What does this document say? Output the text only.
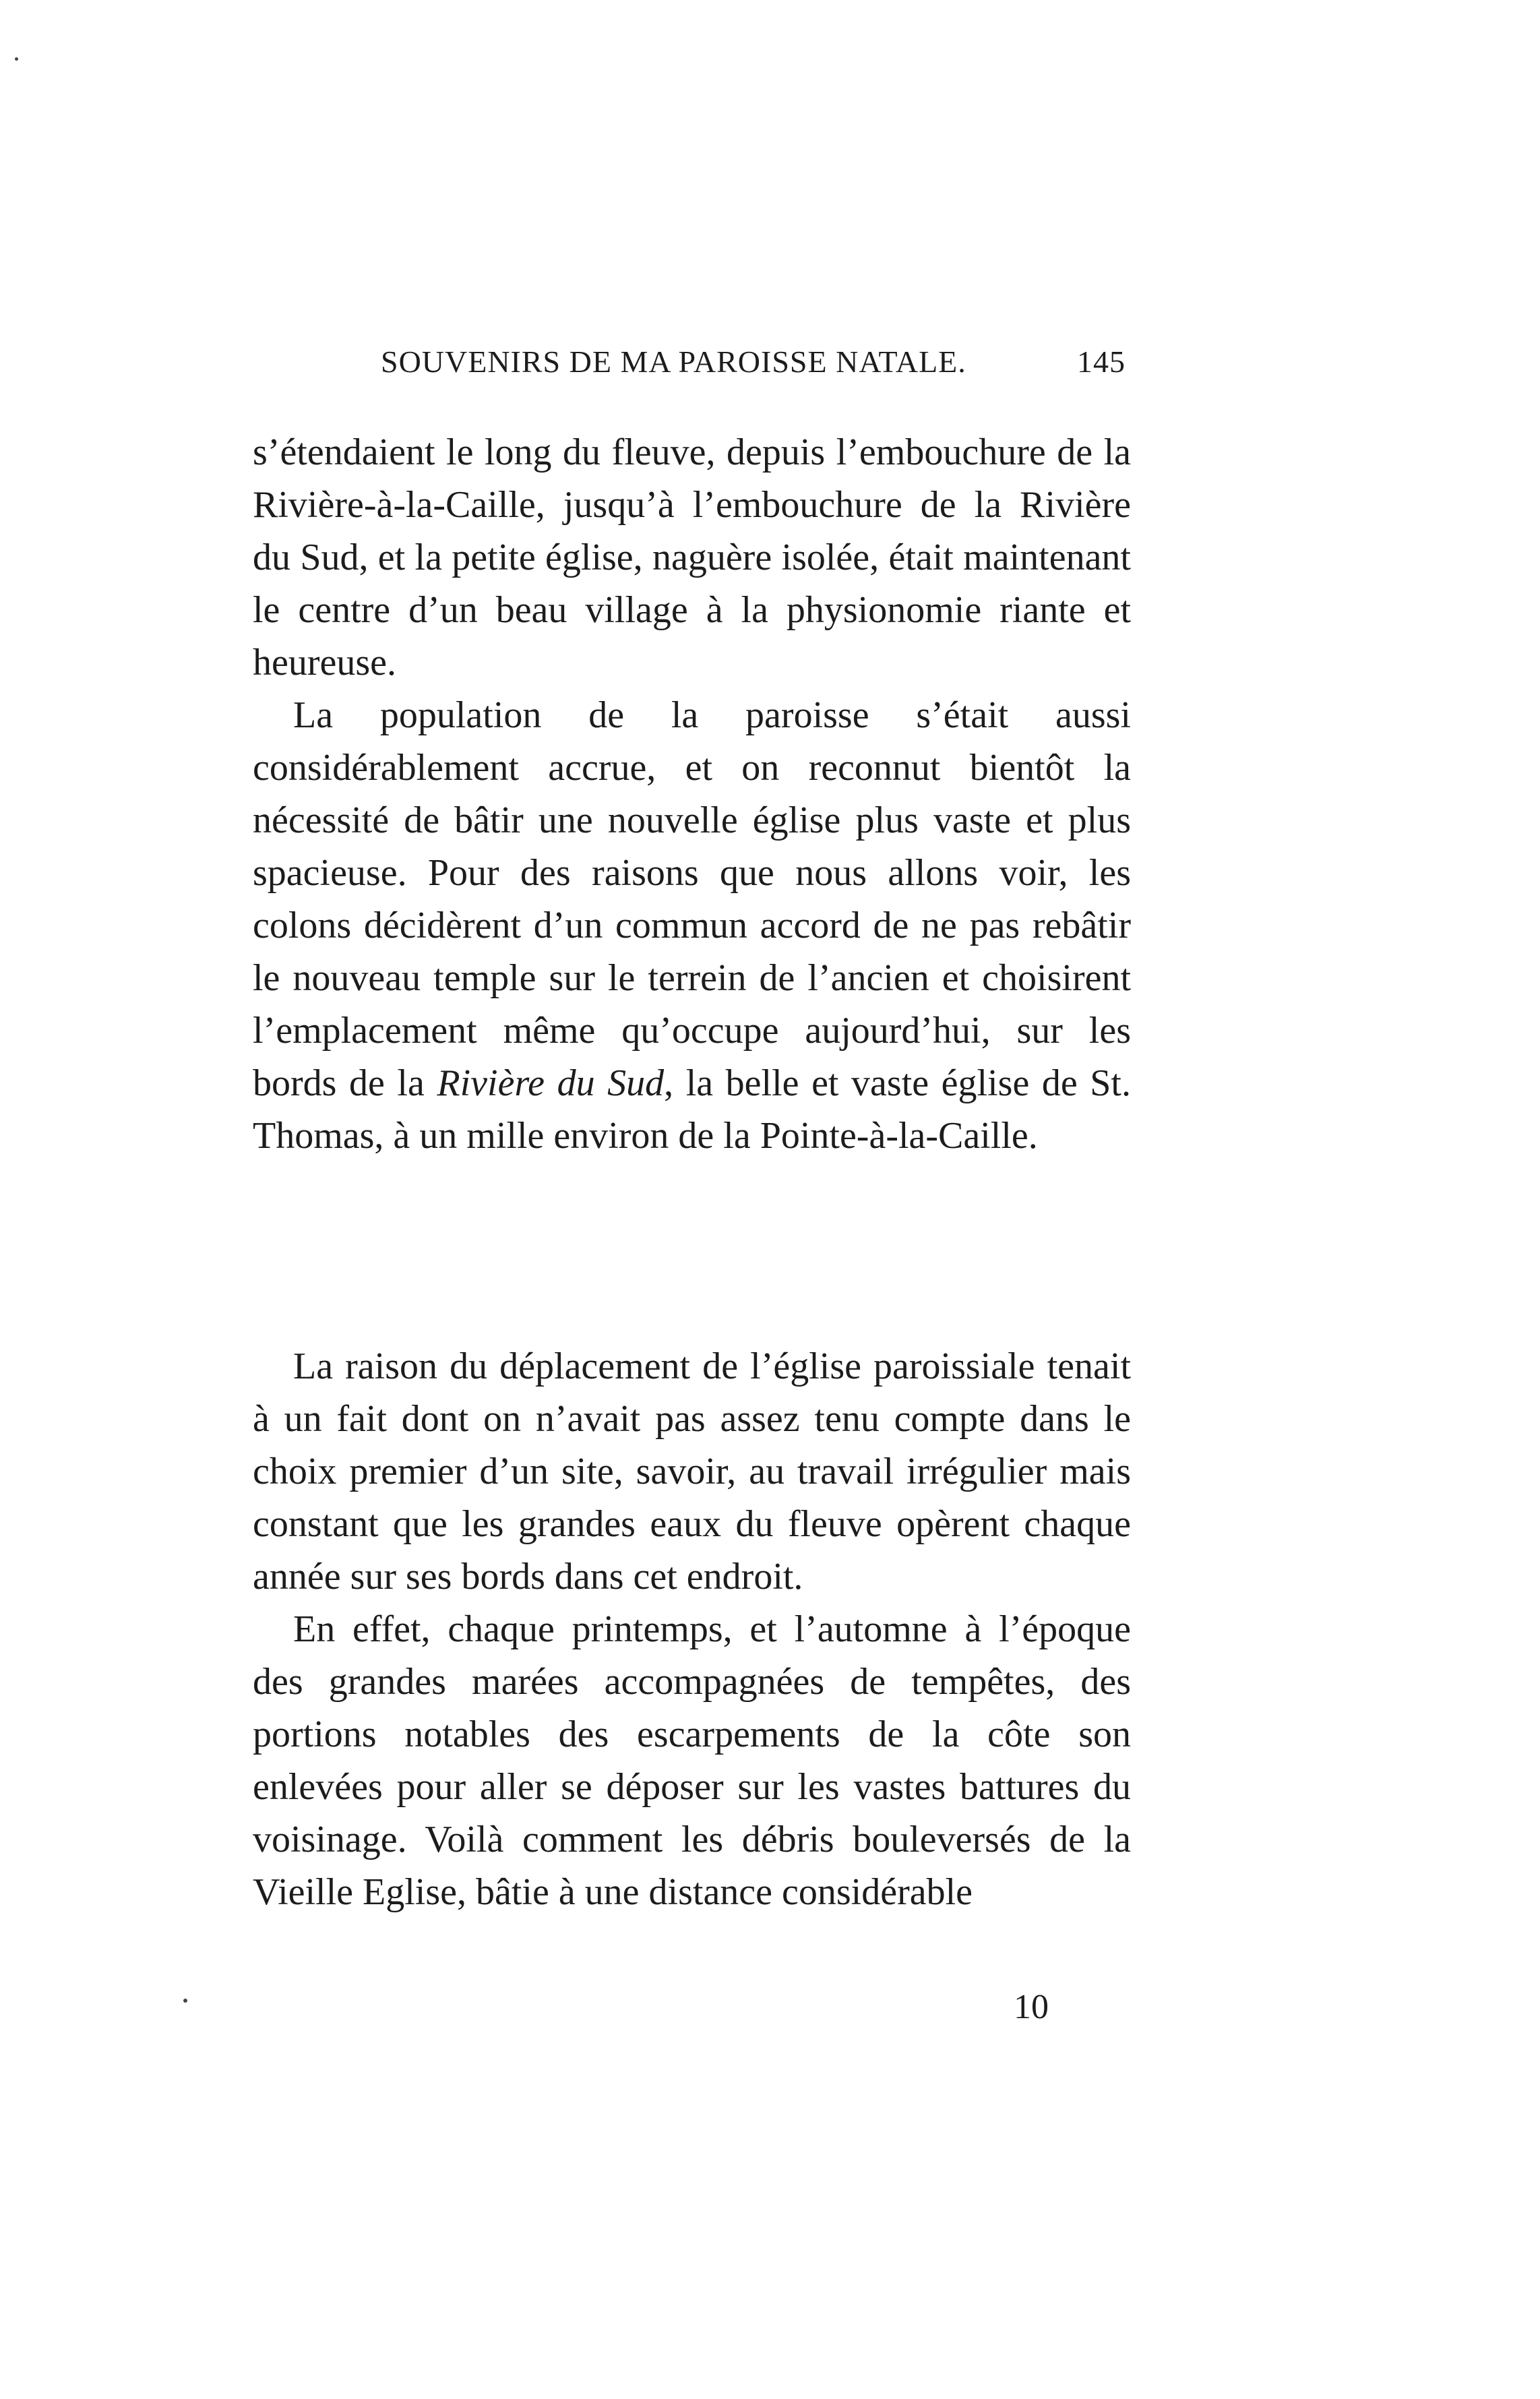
SOUVENIRS DE MA PAROISSE NATALE.	145

s’étendaient le long du fleuve, depuis l’embouchure de la Rivière-à-la-Caille, jusqu’à l’embouchure de la Rivière du Sud, et la petite église, naguère isolée, était maintenant le centre d’un beau village à la physionomie riante et heureuse.

La population de la paroisse s’était aussi considérablement accrue, et on reconnut bientôt la nécessité de bâtir une nouvelle église plus vaste et plus spacieuse. Pour des raisons que nous allons voir, les colons décidèrent d’un commun accord de ne pas rebâtir le nouveau temple sur le terrein de l’ancien et choisirent l’emplacement même qu’occupe aujourd’hui, sur les bords de la Rivière du Sud, la belle et vaste église de St. Thomas, à un mille environ de la Pointe-à-la-Caille.

La raison du déplacement de l’église paroissiale tenait à un fait dont on n’avait pas assez tenu compte dans le choix premier d’un site, savoir, au travail irrégulier mais constant que les grandes eaux du fleuve opèrent chaque année sur ses bords dans cet endroit.

En effet, chaque printemps, et l’automne à l’époque des grandes marées accompagnées de tempêtes, des portions notables des escarpements de la côte son enlevées pour aller se déposer sur les vastes battures du voisinage. Voilà comment les débris bouleversés de la Vieille Eglise, bâtie à une distance considérable

10
